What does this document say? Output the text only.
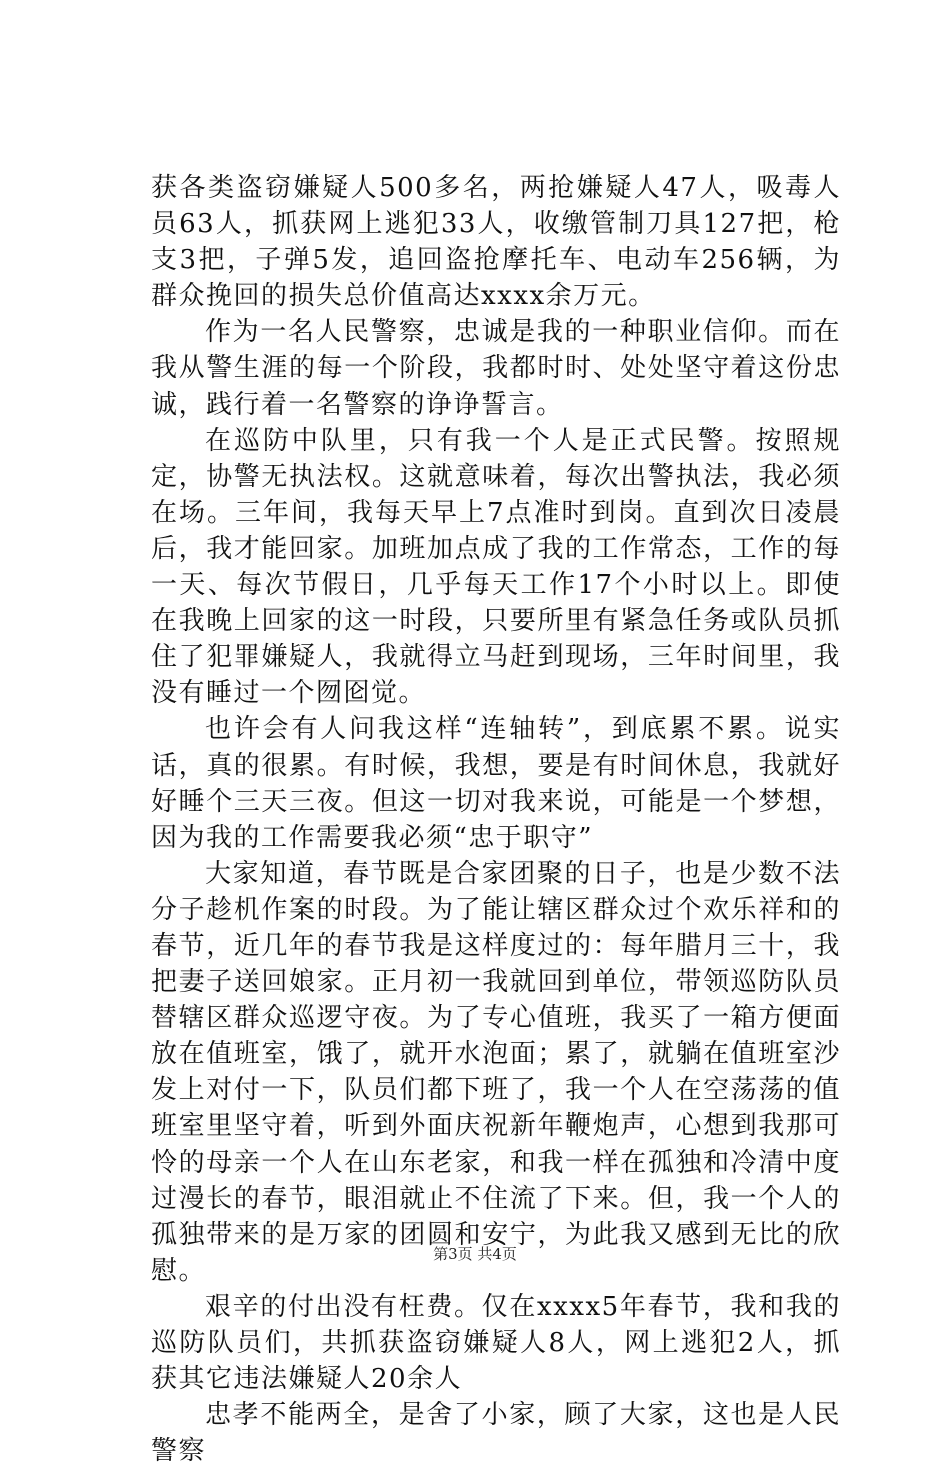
获各类盗窃嫌疑人500多名，两抢嫌疑人47人，吸毒人员63人，抓获网上逃犯33人，收缴管制刀具127把，枪支3把，子弹5发，追回盗抢摩托车、电动车256辆，为群众挽回的损失总价值高达xxxx余万元。

作为一名人民警察，忠诚是我的一种职业信仰。而在我从警生涯的每一个阶段，我都时时、处处坚守着这份忠诚，践行着一名警察的诤诤誓言。

在巡防中队里，只有我一个人是正式民警。按照规定，协警无执法权。这就意味着，每次出警执法，我必须在场。三年间，我每天早上7点准时到岗。直到次日凌晨后，我才能回家。加班加点成了我的工作常态，工作的每一天、每次节假日，几乎每天工作17个小时以上。即使在我晚上回家的这一时段，只要所里有紧急任务或队员抓住了犯罪嫌疑人，我就得立马赶到现场，三年时间里，我没有睡过一个囫囵觉。

也许会有人问我这样“连轴转”，到底累不累。说实话，真的很累。有时候，我想，要是有时间休息，我就好好睡个三天三夜。但这一切对我来说，可能是一个梦想，因为我的工作需要我必须“忠于职守”

大家知道，春节既是合家团聚的日子，也是少数不法分子趁机作案的时段。为了能让辖区群众过个欢乐祥和的春节，近几年的春节我是这样度过的：每年腊月三十，我把妻子送回娘家。正月初一我就回到单位，带领巡防队员替辖区群众巡逻守夜。为了专心值班，我买了一箱方便面放在值班室，饿了，就开水泡面；累了，就躺在值班室沙发上对付一下，队员们都下班了，我一个人在空荡荡的值班室里坚守着，听到外面庆祝新年鞭炮声，心想到我那可怜的母亲一个人在山东老家，和我一样在孤独和冷清中度过漫长的春节，眼泪就止不住流了下来。但，我一个人的孤独带来的是万家的团圆和安宁，为此我又感到无比的欣慰。

艰辛的付出没有枉费。仅在xxxx5年春节，我和我的巡防队员们，共抓获盗窃嫌疑人8人，网上逃犯2人，抓获其它违法嫌疑人20余人

忠孝不能两全，是舍了小家，顾了大家，这也是人民警察

第3页 共4页
